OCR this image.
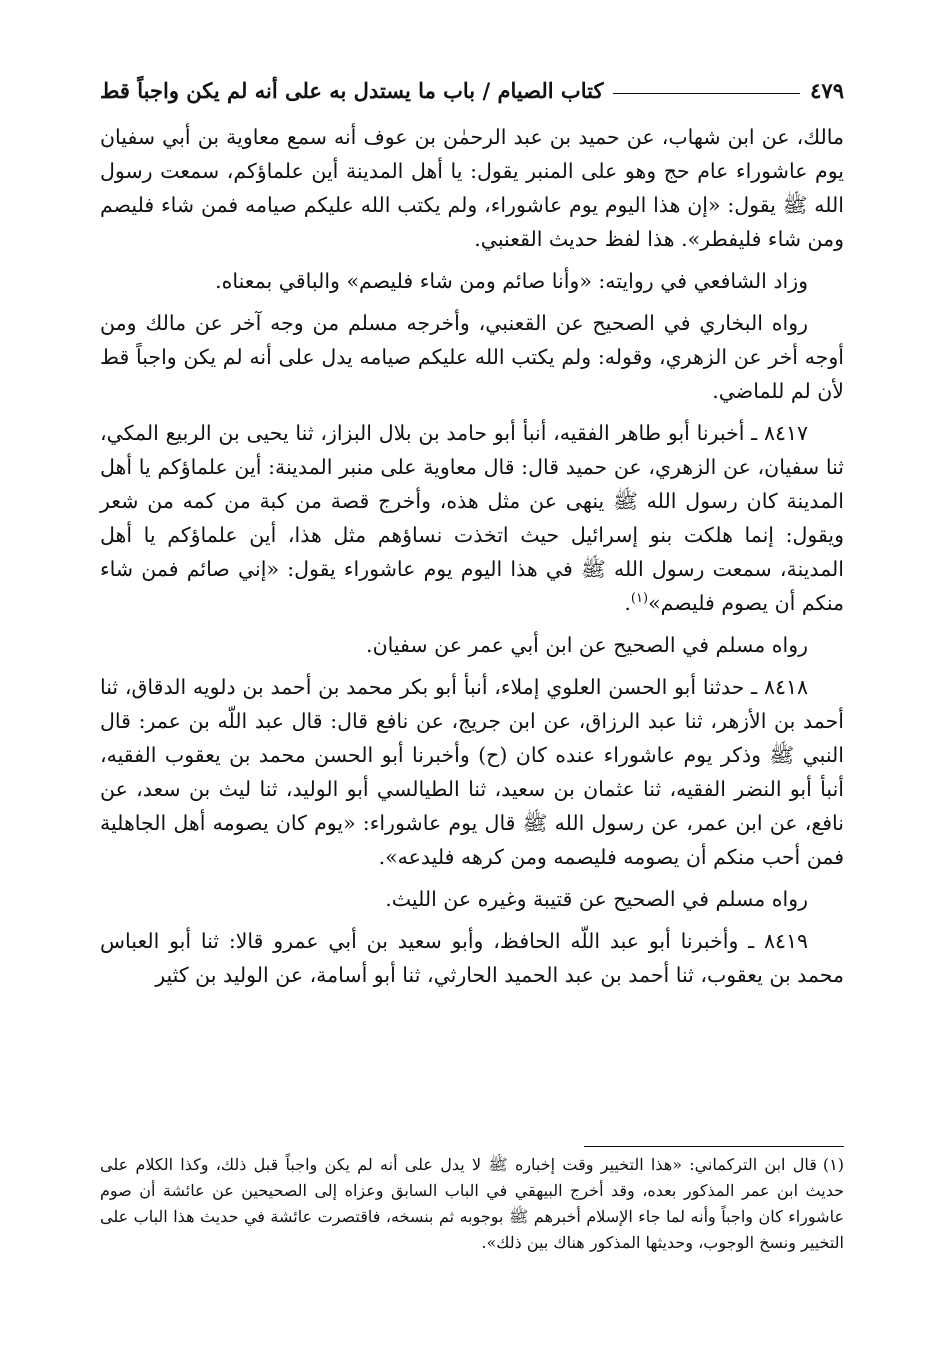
كتاب الصيام / باب ما يستدل به على أنه لم يكن واجباً قط	٤٧٩

مالك، عن ابن شهاب، عن حميد بن عبد الرحمٰن بن عوف أنه سمع معاوية بن أبي سفيان يوم عاشوراء عام حج وهو على المنبر يقول: يا أهل المدينة أين علماؤكم، سمعت رسول الله ﷺ يقول: «إن هذا اليوم يوم عاشوراء، ولم يكتب الله عليكم صيامه فمن شاء فليصم ومن شاء فليفطر». هذا لفظ حديث القعنبي.

وزاد الشافعي في روايته: «وأنا صائم ومن شاء فليصم» والباقي بمعناه.

رواه البخاري في الصحيح عن القعنبي، وأخرجه مسلم من وجه آخر عن مالك ومن أوجه أخر عن الزهري، وقوله: ولم يكتب الله عليكم صيامه يدل على أنه لم يكن واجباً قط لأن لم للماضي.

٨٤١٧ ـ أخبرنا أبو طاهر الفقيه، أنبأ أبو حامد بن بلال البزاز، ثنا يحيى بن الربيع المكي، ثنا سفيان، عن الزهري، عن حميد قال: قال معاوية على منبر المدينة: أين علماؤكم يا أهل المدينة كان رسول الله ﷺ ينهى عن مثل هذه، وأخرج قصة من كبة من كمه من شعر ويقول: إنما هلكت بنو إسرائيل حيث اتخذت نساؤهم مثل هذا، أين علماؤكم يا أهل المدينة، سمعت رسول الله ﷺ في هذا اليوم يوم عاشوراء يقول: «إني صائم فمن شاء منكم أن يصوم فليصم»$^{(١)}$.

رواه مسلم في الصحيح عن ابن أبي عمر عن سفيان.

٨٤١٨ ـ حدثنا أبو الحسن العلوي إملاء، أنبأ أبو بكر محمد بن أحمد بن دلويه الدقاق، ثنا أحمد بن الأزهر، ثنا عبد الرزاق، عن ابن جريج، عن نافع قال: قال عبد اللّه بن عمر: قال النبي ﷺ وذكر يوم عاشوراء عنده كان (ح) وأخبرنا أبو الحسن محمد بن يعقوب الفقيه، أنبأ أبو النضر الفقيه، ثنا عثمان بن سعيد، ثنا الطيالسي أبو الوليد، ثنا ليث بن سعد، عن نافع، عن ابن عمر، عن رسول الله ﷺ قال يوم عاشوراء: «يوم كان يصومه أهل الجاهلية فمن أحب منكم أن يصومه فليصمه ومن كرهه فليدعه».

رواه مسلم في الصحيح عن قتيبة وغيره عن الليث.

٨٤١٩ ـ وأخبرنا أبو عبد اللّه الحافظ، وأبو سعيد بن أبي عمرو قالا: ثنا أبو العباس محمد بن يعقوب، ثنا أحمد بن عبد الحميد الحارثي، ثنا أبو أسامة، عن الوليد بن كثير

(١)قال ابن التركماني: «هذا التخيير وقت إخباره ﷺ لا يدل على أنه لم يكن واجباً قبل ذلك، وكذا الكلام على حديث ابن عمر المذكور بعده، وقد أخرج البيهقي في الباب السابق وعزاه إلى الصحيحين عن عائشة أن صوم عاشوراء كان واجباً وأنه لما جاء الإسلام أخبرهم ﷺ بوجوبه ثم بنسخه، فاقتصرت عائشة في حديث هذا الباب على التخيير ونسخ الوجوب، وحديثها المذكور هناك بين ذلك».
